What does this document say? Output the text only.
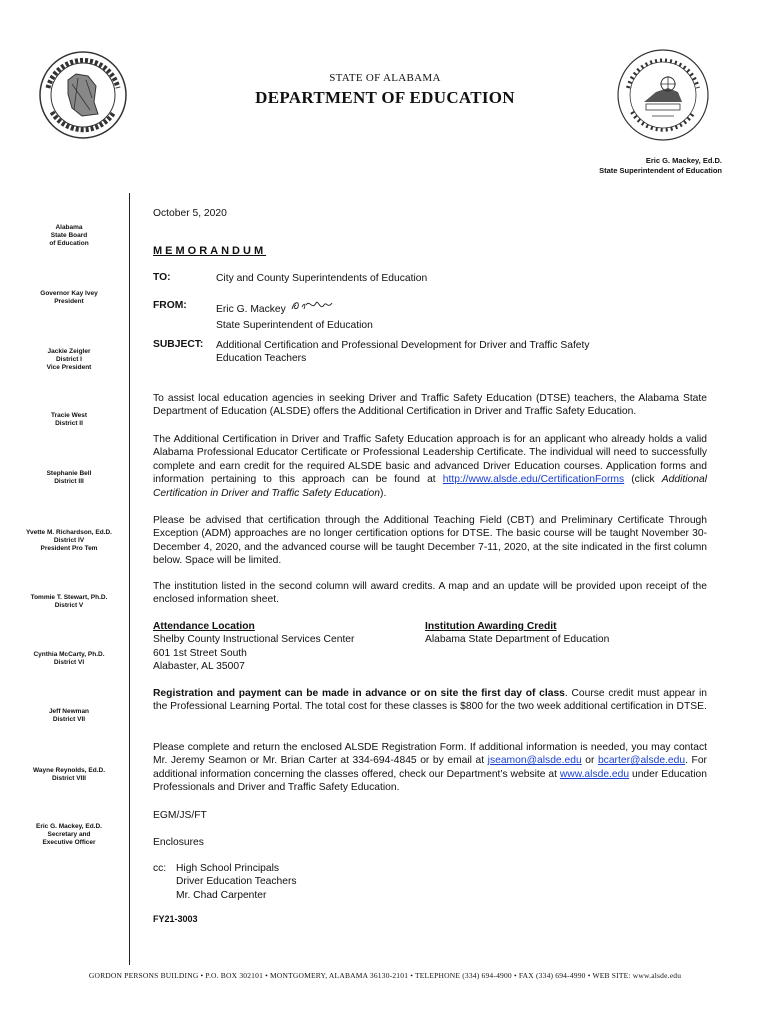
STATE OF ALABAMA
DEPARTMENT OF EDUCATION
Eric G. Mackey, Ed.D.
State Superintendent of Education
Alabama
State Board
of Education
Governor Kay Ivey
President
Jackie Zeigler
District I
Vice President
Tracie West
District II
Stephanie Bell
District III
Yvette M. Richardson, Ed.D.
District IV
President Pro Tem
Tommie T. Stewart, Ph.D.
District V
Cynthia McCarty, Ph.D.
District VI
Jeff Newman
District VII
Wayne Reynolds, Ed.D.
District VIII
Eric G. Mackey, Ed.D.
Secretary and
Executive Officer
October 5, 2020
MEMORANDUM
TO:	City and County Superintendents of Education
FROM:	Eric G. Mackey
State Superintendent of Education
SUBJECT: Additional Certification and Professional Development for Driver and Traffic Safety
Education Teachers
To assist local education agencies in seeking Driver and Traffic Safety Education (DTSE) teachers, the Alabama State Department of Education (ALSDE) offers the Additional Certification in Driver and Traffic Safety Education.
The Additional Certification in Driver and Traffic Safety Education approach is for an applicant who already holds a valid Alabama Professional Educator Certificate or Professional Leadership Certificate. The individual will need to successfully complete and earn credit for the required ALSDE basic and advanced Driver Education courses. Application forms and information pertaining to this approach can be found at http://www.alsde.edu/CertificationForms (click Additional Certification in Driver and Traffic Safety Education).
Please be advised that certification through the Additional Teaching Field (CBT) and Preliminary Certificate Through Exception (ADM) approaches are no longer certification options for DTSE. The basic course will be taught November 30-December 4, 2020, and the advanced course will be taught December 7-11, 2020, at the site indicated in the first column below. Space will be limited.
The institution listed in the second column will award credits. A map and an update will be provided upon receipt of the enclosed information sheet.
Attendance Location
Shelby County Instructional Services Center
601 1st Street South
Alabaster, AL 35007
Institution Awarding Credit
Alabama State Department of Education
Registration and payment can be made in advance or on site the first day of class. Course credit must appear in the Professional Learning Portal. The total cost for these classes is $800 for the two week additional certification in DTSE.
Please complete and return the enclosed ALSDE Registration Form. If additional information is needed, you may contact Mr. Jeremy Seamon or Mr. Brian Carter at 334-694-4845 or by email at jseamon@alsde.edu or bcarter@alsde.edu. For additional information concerning the classes offered, check our Department’s website at www.alsde.edu under Education Professionals and Driver and Traffic Safety Education.
EGM/JS/FT
Enclosures
cc: High School Principals
Driver Education Teachers
Mr. Chad Carpenter
FY21-3003
GORDON PERSONS BUILDING • P.O. BOX 302101 • MONTGOMERY, ALABAMA 36130-2101 • TELEPHONE (334) 694-4900 • FAX (334) 694-4990 • WEB SITE: www.alsde.edu
